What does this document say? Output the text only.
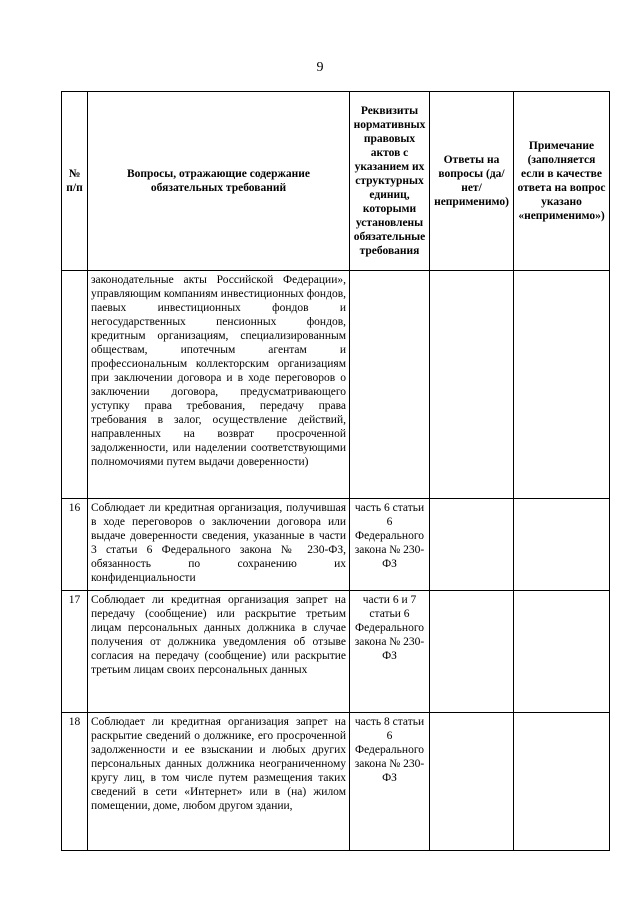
9
№ п/п	Вопросы, отражающие содержание обязательных требований	Реквизиты нормативных правовых актов с указанием их структурных единиц, которыми установлены обязательные требования	Ответы на вопросы (да/нет/ неприменимо)	Примечание (заполняется если в качестве ответа на вопрос указано «неприменимо»)
	законодательные акты Российской Федерации», управляющим компаниям инвестиционных фондов, паевых инвестиционных фондов и негосударственных пенсионных фондов, кредитным организациям, специализированным обществам, ипотечным агентам и профессиональным коллекторским организациям при заключении договора и в ходе переговоров о заключении договора, предусматривающего уступку права требования, передачу права требования в залог, осуществление действий, направленных на возврат просроченной задолженности, или наделении соответствующими полномочиями путем выдачи доверенности)			
16	Соблюдает ли кредитная организация, получившая в ходе переговоров о заключении договора или выдаче доверенности сведения, указанные в части 3 статьи 6 Федерального закона № 230-ФЗ, обязанность по сохранению их конфиденциальности	часть 6 статьи 6 Федерального закона № 230-ФЗ		
17	Соблюдает ли кредитная организация запрет на передачу (сообщение) или раскрытие третьим лицам персональных данных должника в случае получения от должника уведомления об отзыве согласия на передачу (сообщение) или раскрытие третьим лицам своих персональных данных	части 6 и 7 статьи 6 Федерального закона № 230-ФЗ		
18	Соблюдает ли кредитная организация запрет на раскрытие сведений о должнике, его просроченной задолженности и ее взыскании и любых других персональных данных должника неограниченному кругу лиц, в том числе путем размещения таких сведений в сети «Интернет» или в (на) жилом помещении, доме, любом другом здании,	часть 8 статьи 6 Федерального закона № 230-ФЗ		
